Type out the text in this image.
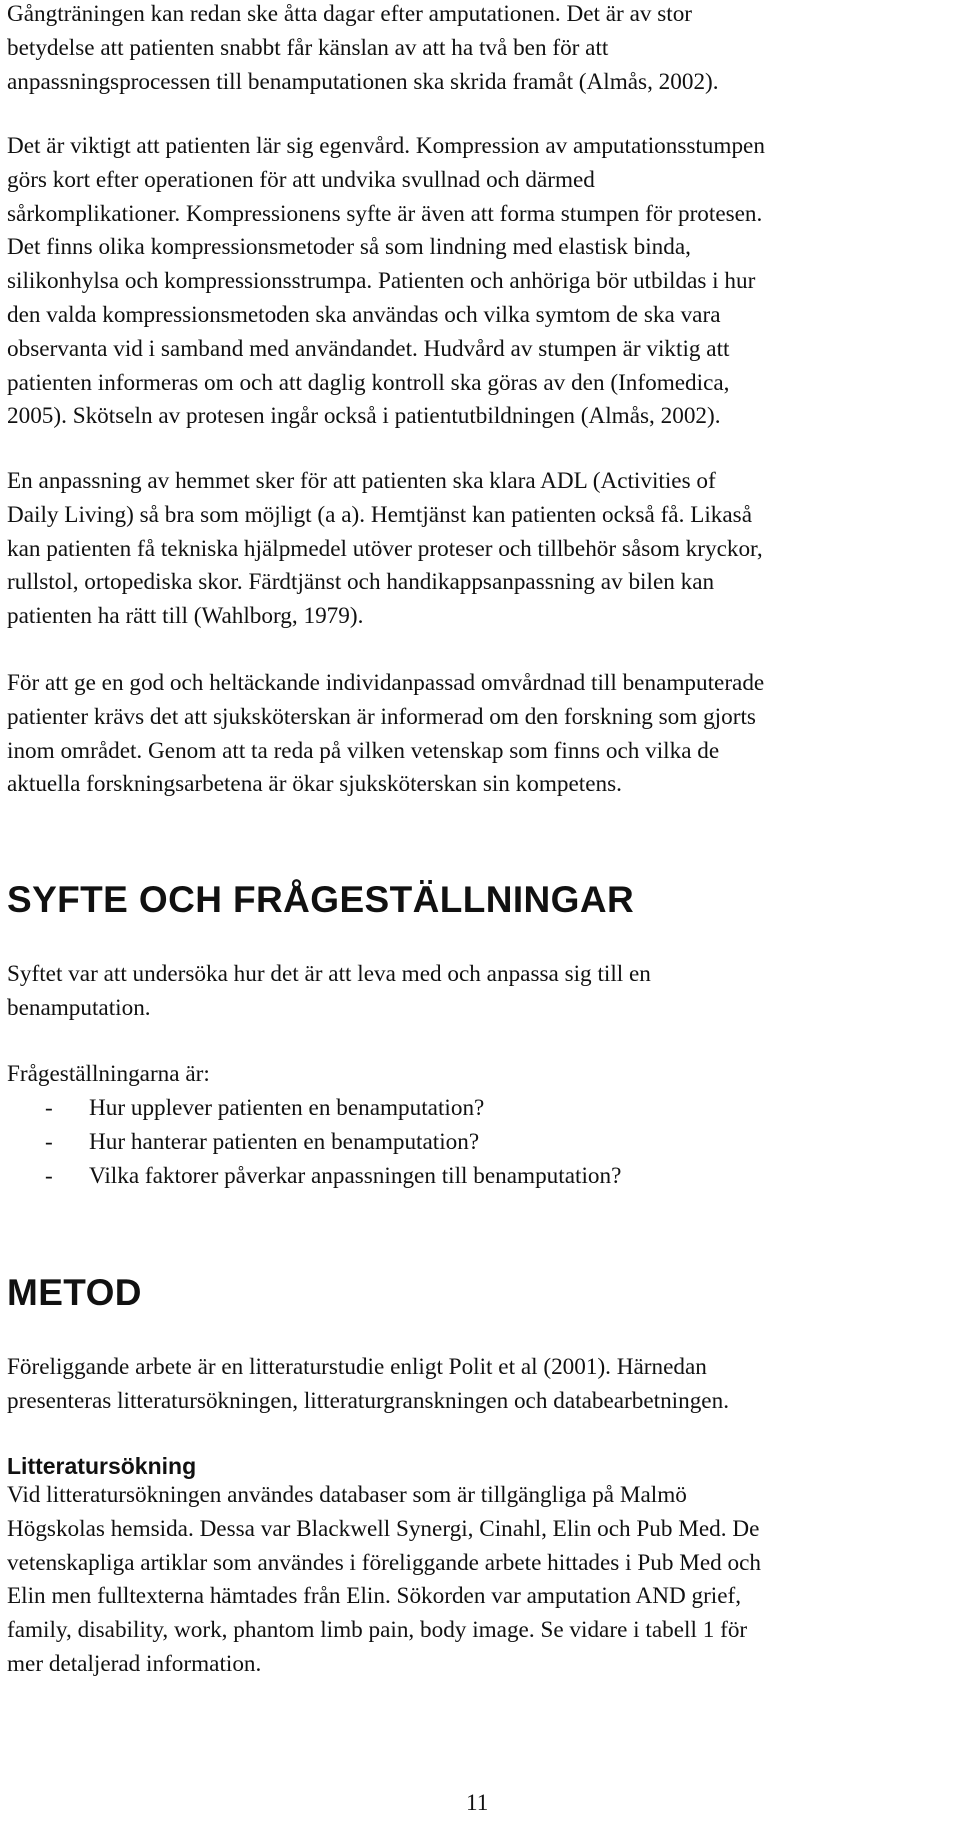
Gångträningen kan redan ske åtta dagar efter amputationen. Det är av stor
betydelse att patienten snabbt får känslan av att ha två ben för att
anpassningsprocessen till benamputationen ska skrida framåt (Almås, 2002).
Det är viktigt att patienten lär sig egenvård. Kompression av amputationsstumpen
görs kort efter operationen för att undvika svullnad och därmed
sårkomplikationer. Kompressionens syfte är även att forma stumpen för protesen.
Det finns olika kompressionsmetoder så som lindning med elastisk binda,
silikonhylsa och kompressionsstrumpa. Patienten och anhöriga bör utbildas i hur
den valda kompressionsmetoden ska användas och vilka symtom de ska vara
observanta vid i samband med användandet. Hudvård av stumpen är viktig att
patienten informeras om och att daglig kontroll ska göras av den (Infomedica,
2005). Skötseln av protesen ingår också i patientutbildningen (Almås, 2002).
En anpassning av hemmet sker för att patienten ska klara ADL (Activities of
Daily Living) så bra som möjligt (a a). Hemtjänst kan patienten också få. Likaså
kan patienten få tekniska hjälpmedel utöver proteser och tillbehör såsom kryckor,
rullstol, ortopediska skor. Färdtjänst och handikappsanpassning av bilen kan
patienten ha rätt till (Wahlborg, 1979).
För att ge en god och heltäckande individanpassad omvårdnad till benamputerade
patienter krävs det att sjuksköterskan är informerad om den forskning som gjorts
inom området. Genom att ta reda på vilken vetenskap som finns och vilka de
aktuella forskningsarbetena är ökar sjuksköterskan sin kompetens.
SYFTE OCH FRÅGESTÄLLNINGAR
Syftet var att undersöka hur det är att leva med och anpassa sig till en
benamputation.
Frågeställningarna är:
- Hur upplever patienten en benamputation?
- Hur hanterar patienten en benamputation?
- Vilka faktorer påverkar anpassningen till benamputation?
METOD
Föreliggande arbete är en litteraturstudie enligt Polit et al (2001). Härnedan
presenteras litteratursökningen, litteraturgranskningen och databearbetningen.
Litteratursökning
Vid litteratursökningen användes databaser som är tillgängliga på Malmö
Högskolas hemsida. Dessa var Blackwell Synergi, Cinahl, Elin och Pub Med. De
vetenskapliga artiklar som användes i föreliggande arbete hittades i Pub Med och
Elin men fulltexterna hämtades från Elin. Sökorden var amputation AND grief,
family, disability, work, phantom limb pain, body image. Se vidare i tabell 1 för
mer detaljerad information.
11
